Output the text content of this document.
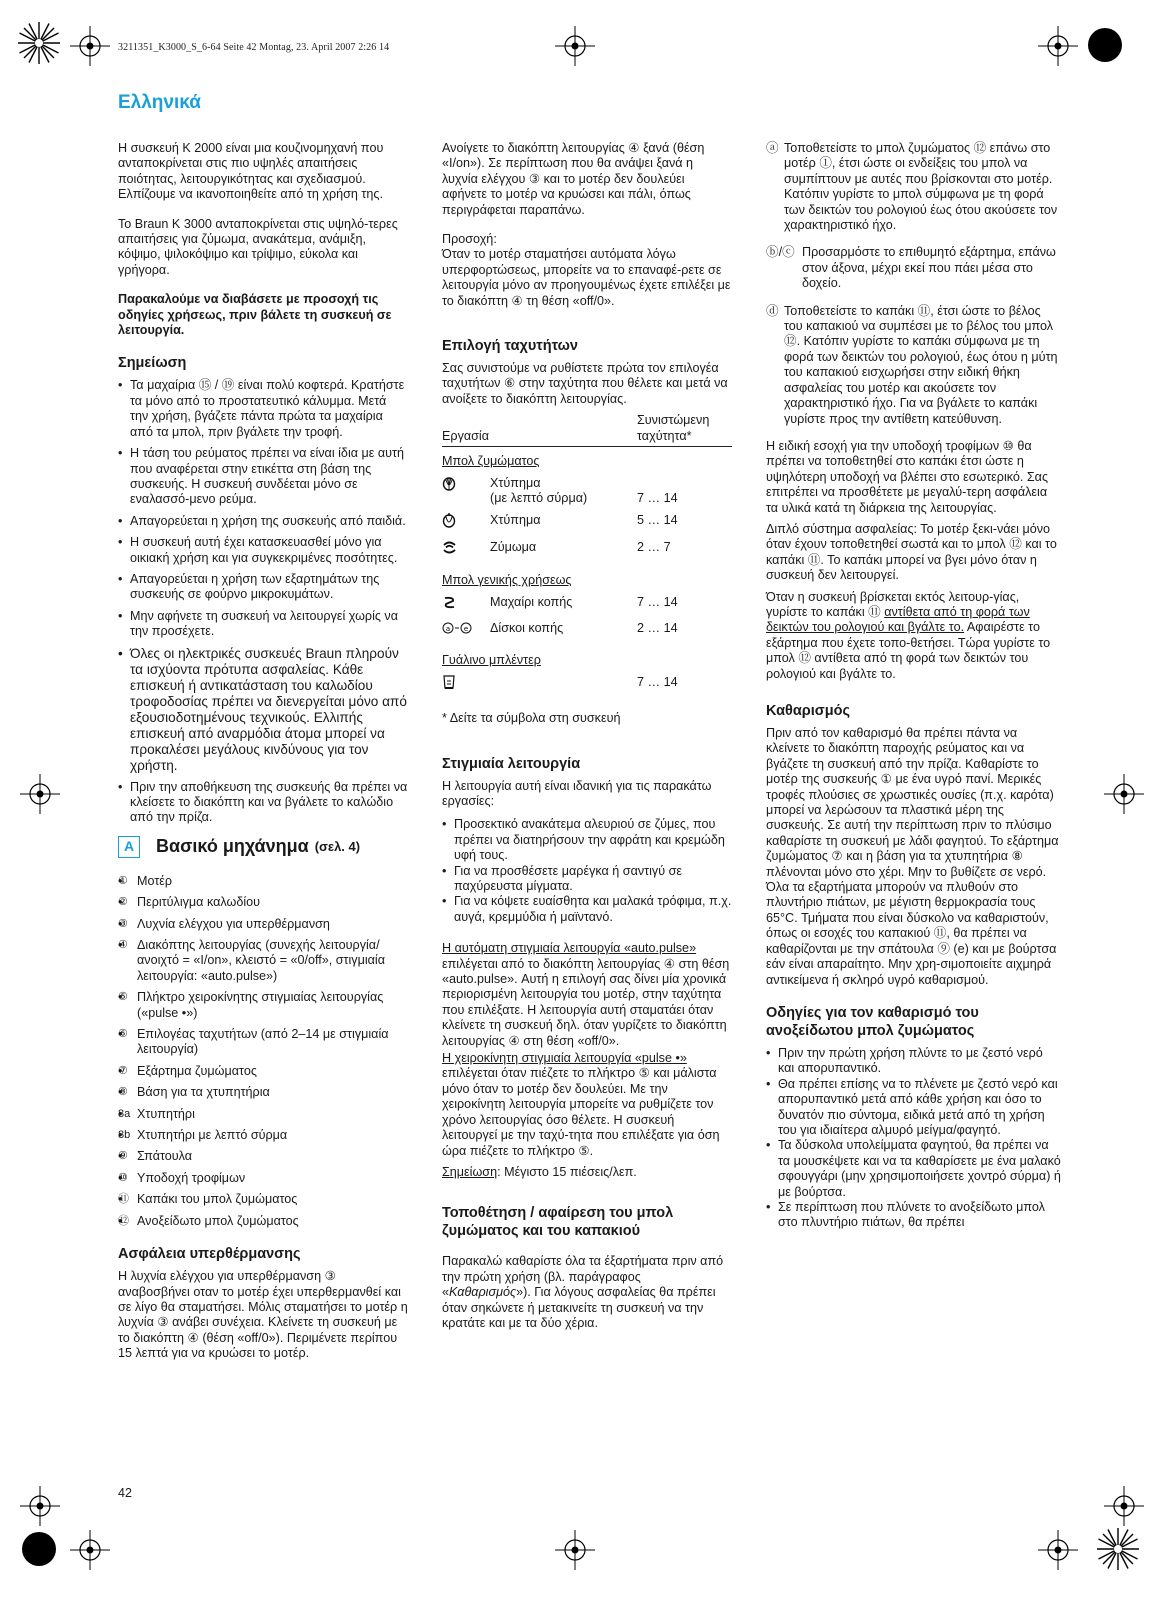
3211351_K3000_S_6-64 Seite 42 Montag, 23. April 2007 2:26 14
Ελληνικά

Η συσκευή K 2000 είναι μια κουζινομηχανή που ανταποκρίνεται στις πιο υψηλές απαιτήσεις ποιότητας, λειτουργικότητας και σχεδιασμού. Ελπίζουμε να ικανοποιηθείτε από τη χρήση της.

Το Braun K 3000 ανταποκρίνεται στις υψηλό-τερες απαιτήσεις για ζύμωμα, ανακάτεμα, ανάμιξη, κόψιμο, ψιλοκόψιμο και τρίψιμο, εύκολα και γρήγορα.

Παρακαλούμε να διαβάσετε με προσοχή τις οδηγίες χρήσεως, πριν βάλετε τη συσκευή σε λειτουργία.

Σημείωση
• Τα μαχαίρια ⑮ / ⑲ είναι πολύ κοφτερά. Κρατήστε τα μόνο από το προστατευτικό κάλυμμα. Μετά την χρήση, βγάζετε πάντα πρώτα τα μαχαίρια από τα μπολ, πριν βγάλετε την τροφή.
• Η τάση του ρεύματος πρέπει να είναι ίδια με αυτή που αναφέρεται στην ετικέττα στη βάση της συσκευής. Η συσκευή συνδέεται μόνο σε εναλασσό-μενο ρεύμα.
• Απαγορεύεται η χρήση της συσκευής από παιδιά.
• Η συσκευή αυτή έχει κατασκευασθεί μόνο για οικιακή χρήση και για συγκεκριμένες ποσότητες.
• Απαγορεύεται η χρήση των εξαρτημάτων της συσκευής σε φούρνο μικροκυμάτων.
• Μην αφήνετε τη συσκευή να λειτουργεί χωρίς να την προσέχετε.
• Όλες οι ηλεκτρικές συσκευές Braun πληρούν τα ισχύοντα πρότυπα ασφαλείας. Κάθε επισκευή ή αντικατάσταση του καλωδίου τροφοδοσίας πρέπει να διενεργείται μόνο από εξουσιοδοτημένους τεχνικούς. Ελλιπής επισκευή από αναρμόδια άτομα μπορεί να προκαλέσει μεγάλους κινδύνους για τον χρήστη.
• Πριν την αποθήκευση της συσκευής θα πρέπει να κλείσετε το διακόπτη και να βγάλετε το καλώδιο από την πρίζα.
A	Βασικό μηχάνημα (σελ. 4)
• ① Μοτέρ
• ② Περιτύλιγμα καλωδίου
• ③ Λυχνία ελέγχου για υπερθέρμανση
• ④ Διακόπτης λειτουργίας (συνεχής λειτουργία/ανοιχτό = «I/on», κλειστό = «0/off», στιγμιαία λειτουργία: «auto.pulse»)
• ⑤ Πλήκτρο χειροκίνητης στιγμιαίας λειτουργίας («pulse •»)
• ⑥ Επιλογέας ταχυτήτων (από 2–14 με στιγμιαία λειτουργία)
• ⑦ Εξάρτημα ζυμώματος
• ⑧ Βάση για τα χτυπητήρια
• 8a Χτυπητήρι
• 8b Χτυπητήρι με λεπτό σύρμα
• ⑨ Σπάτουλα
• ⑩ Υποδοχή τροφίμων
• ⑪ Καπάκι του μπολ ζυμώματος
• ⑫ Ανοξείδωτο μπολ ζυμώματος
Ασφάλεια υπερθέρμανσης

Η λυχνία ελέγχου για υπερθέρμανση ③ αναβοσβήνει οταν το μοτέρ έχει υπερθερμανθεί και σε λίγο θα σταματήσει. Μόλις σταματήσει το μοτέρ η λυχνία ③ ανάβει συνέχεια. Κλείνετε τη συσκευή με το διακόπτη ④ (θέση «off/0»). Περιμένετε περίπου 15 λεπτά για να κρυώσει το μοτέρ.

Ανοίγετε το διακόπτη λειτουργίας ④ ξανά (θέση «I/on»). Σε περίπτωση που θα ανάψει ξανά η λυχνία ελέγχου ③ και το μοτέρ δεν δουλεύει αφήνετε το μοτέρ να κρυώσει και πάλι, όπως περιγράφεται παραπάνω.

Προσοχή:

Όταν το μοτέρ σταματήσει αυτόματα λόγω υπερφορτώσεως, μπορείτε να το επαναφέ-ρετε σε λειτουργία μόνο αν προηγουμένως έχετε επιλέξει με το διακόπτη ④ τη θέση «off/0».

Επιλογή ταχυτήτων

Σας συνιστούμε να ρυθίστετε πρώτα τον επιλογέα ταχυτήτων ⑥ στην ταχύτητα που θέλετε και μετά να ανοίξετε το διακόπτη λειτουργίας.

Εργασία		Συνιστώμενη
ταχύτητα*
Μπολ ζυμώματος		
	Χτύπημα
(με λεπτό σύρμα)	7 … 14
	Χτύπημα	5 … 14
	Ζύμωμα	2 … 7
Μπολ γενικής χρήσεως		
	Μαχαίρι κοπής	7 … 14

a e	Δίσκοι κοπής	2 … 14
Γυάλινο μπλέντερ		
		7 … 14

* Δείτε τα σύμβολα στη συσκευή

Στιγμιαία λειτουργία

Η λειτουργία αυτή είναι ιδανική για τις παρακάτω εργασίες:

• Προσεκτικό ανακάτεμα αλευριού σε ζύμες, που πρέπει να διατηρήσουν την αφράτη και κρεμώδη υφή τους.
• Για να προσθέσετε μαρέγκα ή σαντιγύ σε παχύρευστα μίγματα.
• Για να κόψετε ευαίσθητα και μαλακά τρόφιμα, π.χ. αυγά, κρεμμύδια ή μαϊντανό.

Η αυτόματη στιγμιαία λειτουργία «auto.pulse» επιλέγεται από το διακόπτη λειτουργίας ④ στη θέση «auto.pulse». Αυτή η επιλογή σας δίνει μία χρονικά περιορισμένη λειτουργία του μοτέρ, στην ταχύτητα που επιλέξατε. Η λειτουργία αυτή σταματάει όταν κλείνετε τη συσκευή δηλ. όταν γυρίζετε το διακόπτη λειτουργίας ④ στη θέση «off/0».

Η χειροκίνητη στιγμιαία λειτουργία «pulse •» επιλέγεται όταν πιέζετε το πλήκτρο ⑤ και μάλιστα μόνο όταν το μοτέρ δεν δουλεύει. Με την χειροκίνητη λειτουργία μπορείτε να ρυθμίζετε τον χρόνο λειτουργίας όσο θέλετε. Η συσκευή λειτουργεί με την ταχύ-τητα που επιλέξατε για όση ώρα πιέζετε το πλήκτρο ⑤.

Σημείωση: Μέγιστο 15 πιέσεις/λεπ.

Τοποθέτηση / αφαίρεση του μπολ ζυμώματος και του καπακιού

Παρακαλώ καθαρίστε όλα τα έξαρτήματα πριν από την πρώτη χρήση (βλ. παράγραφος «Καθαρισμός»). Για λόγους ασφαλείας θα πρέπει όταν σηκώνετε ή μετακινείτε τη συσκευή να την κρατάτε και με τα δύο χέρια.

ⓐ Τοποθετείστε το μπολ ζυμώματος ⑫ επάνω στο μοτέρ ①, έτσι ώστε οι ενδείξεις του μπολ να συμπίπτουν με αυτές που βρίσκονται στο μοτέρ. Κατόπιν γυρίστε το μπολ σύμφωνα με τη φορά των δεικτών του ρολογιού έως ότου ακούσετε τον χαρακτηριστικό ήχο.
ⓑ/ⓒ Προσαρμόστε το επιθυμητό εξάρτημα, επάνω στον άξονα, μέχρι εκεί που πάει μέσα στο δοχείο.
ⓓ Τοποθετείστε το καπάκι ⑪, έτσι ώστε το βέλος του καπακιού να συμπέσει με το βέλος του μπολ ⑫. Κατόπιν γυρίστε το καπάκι σύμφωνα με τη φορά των δεικτών του ρολογιού, έως ότου η μύτη του καπακιού εισχωρήσει στην ειδική θήκη ασφαλείας του μοτέρ και ακούσετε τον χαρακτηριστικό ήχο. Για να βγάλετε το καπάκι γυρίστε προς την αντίθετη κατεύθυνση.

Η ειδική εσοχή για την υποδοχή τροφίμων ⑩ θα πρέπει να τοποθετηθεί στο καπάκι έτσι ώστε η υψηλότερη υποδοχή να βλέπει στο εσωτερικό. Σας επιτρέπει να προσθέτετε με μεγαλύ-τερη ασφάλεια τα υλικά κατά τη διάρκεια της λειτουργίας.

Διπλό σύστημα ασφαλείας: Το μοτέρ ξεκι-νάει μόνο όταν έχουν τοποθετηθεί σωστά και το μπολ ⑫ και το καπάκι ⑪. Το καπάκι μπορεί να βγει μόνο όταν η συσκευή δεν λειτουργεί.

Όταν η συσκευή βρίσκεται εκτός λειτουρ-γίας, γυρίστε το καπάκι ⑪ αντίθετα από τη φορά των δεικτών του ρολογιού και βγάλτε το. Αφαιρέστε το εξάρτημα που έχετε τοπο-θετήσει. Τώρα γυρίστε το μπολ ⑫ αντίθετα από τη φορά των δεικτών του ρολογιού και βγάλτε το.

Καθαρισμός

Πριν από τον καθαρισμό θα πρέπει πάντα να κλείνετε το διακόπτη παροχής ρεύματος και να βγάζετε τη συσκευή από την πρίζα. Καθαρίστε το μοτέρ της συσκευής ① με ένα υγρό πανί. Μερικές τροφές πλούσιες σε χρωστικές ουσίες (π.χ. καρότα) μπορεί να λερώσουν τα πλαστικά μέρη της συσκευής. Σε αυτή την περίπτωση πριν το πλύσιμο καθαρίστε τη συσκευή με λάδι φαγητού. Το εξάρτημα ζυμώματος ⑦ και η βάση για τα χτυπητήρια ⑧ πλένονται μόνο στο χέρι. Μην το βυθίζετε σε νερό. Όλα τα εξαρτήματα μπορούν να πλυθούν στο πλυντήριο πιάτων, με μέγιστη θερμοκρασία τους 65°C. Τμήματα που είναι δύσκολο να καθαριστούν, όπως οι εσοχές του καπακιού ⑪, θα πρέπει να καθαρίζονται με την σπάτουλα ⑨ (e) και με βούρτσα εάν είναι απαραίτητο. Μην χρη-σιμοποιείτε αιχμηρά αντικείμενα ή σκληρό υγρό καθαρισμού.

Οδηγίες για τον καθαρισμό του ανοξείδωτου μπολ ζυμώματος
• Πριν την πρώτη χρήση πλύντε το με ζεστό νερό και απορυπαντικό.
• Θα πρέπει επίσης να το πλένετε με ζεστό νερό και απορυπαντικό μετά από κάθε χρήση και όσο το δυνατόν πιο σύντομα, ειδικά μετά από τη χρήση του για ιδιαίτερα αλμυρό μείγμα/φαγητό.
• Τα δύσκολα υπολείμματα φαγητού, θα πρέπει να τα μουσκέψετε και να τα καθαρίσετε με ένα μαλακό σφουγγάρι (μην χρησιμοποιήσετε χοντρό σύρμα) ή με βούρτσα.
• Σε περίπτωση που πλύνετε το ανοξείδωτο μπολ στο πλυντήριο πιάτων, θα πρέπει
42
